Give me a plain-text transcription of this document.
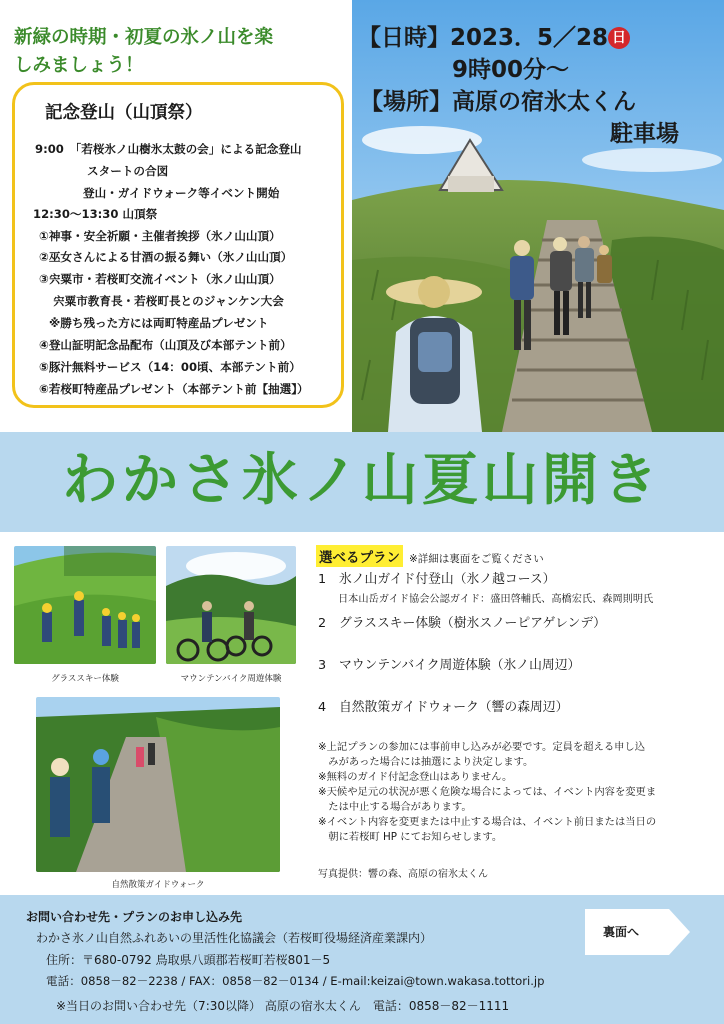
新緑の時期・初夏の氷ノ山を楽
しみましょう！
記念登山（山頂祭）
9:00　「若桜氷ノ山樹氷太鼓の会」による記念登山
スタートの合図
登山・ガイドウォーク等イベント開始
12:30～13:30 山頂祭
①神事・安全祈願・主催者挨拶（氷ノ山山頂）
②巫女さんによる甘酒の振る舞い（氷ノ山山頂）
③宍粟市・若桜町交流イベント（氷ノ山山頂）
宍粟市教育長・若桜町長とのジャンケン大会
※勝ち残った方には両町特産品プレゼント
④登山証明記念品配布（山頂及び本部テント前）
⑤豚汁無料サービス（14：00頃、本部テント前）
⑥若桜町特産品プレゼント（本部テント前【抽選】）
【日時】2023．5／28 日
9時00分～
【場所】高原の宿氷太くん
駐車場
わかさ氷ノ山夏山開き
グラススキー体験	マウンテンバイク周遊体験
自然散策ガイドウォーク
選べるプラン ※詳細は裏面をご覧ください
1　氷ノ山ガイド付登山（氷ノ越コース）
日本山岳ガイド協会公認ガイド：盛田啓輔氏、高橋宏氏、森岡則明氏
2　グラススキー体験（樹氷スノーピアゲレンデ）
3　マウンテンバイク周遊体験（氷ノ山周辺）
4　自然散策ガイドウォーク（響の森周辺）
※上記プランの参加には事前申し込みが必要です。定員を超える申し込
　みがあった場合には抽選により決定します。
※無料のガイド付記念登山はありません。
※天候や足元の状況が悪く危険な場合によっては、イベント内容を変更ま
　たは中止する場合があります。
※イベント内容を変更または中止する場合は、イベント前日または当日の
　朝に若桜町 HP にてお知らせします。
写真提供：響の森、高原の宿氷太くん
お問い合わせ先・プランのお申し込み先
わかさ氷ノ山自然ふれあいの里活性化協議会（若桜町役場経済産業課内）
住所：〒680-0792 鳥取県八頭郡若桜町若桜801－5
電話：0858－82－2238 / FAX：0858－82－0134 / E-mail:keizai@town.wakasa.tottori.jp
※当日のお問い合わせ先（7:30以降） 高原の宿氷太くん　電話：0858－82－1111
裏面へ
